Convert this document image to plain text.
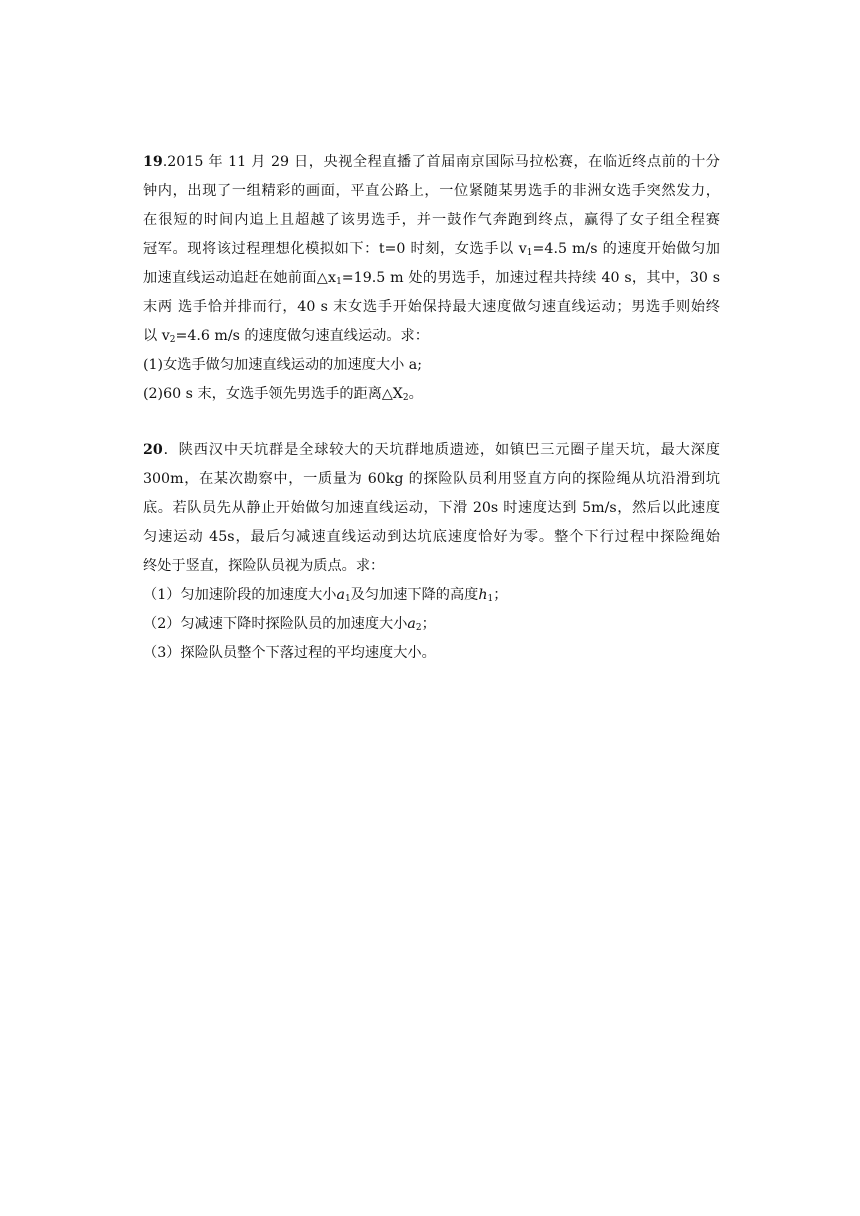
19.2015 年 11 月 29 日，央视全程直播了首届南京国际马拉松赛，在临近终点前的十分
钟内，出现了一组精彩的画面，平直公路上，一位紧随某男选手的非洲女选手突然发力，
在很短的时间内追上且超越了该男选手，并一鼓作气奔跑到终点，赢得了女子组全程赛
冠军。现将该过程理想化模拟如下：t=0 时刻，女选手以 $v_1=4.5$ m/s 的速度开始做匀加
加速直线运动追赶在她前面$\triangle x_1=19.5$ m 处的男选手，加速过程共持续 40 s，其中，30 s
末两 选手恰并排而行，40 s 末女选手开始保持最大速度做匀速直线运动；男选手则始终
以 $v_2=4.6$ m/s 的速度做匀速直线运动。求：
(1)女选手做匀加速直线运动的加速度大小 a;
(2)60 s 末，女选手领先男选手的距离$\triangle X_2$。
20．陕西汉中天坑群是全球较大的天坑群地质遗迹，如镇巴三元圈子崖天坑，最大深度
300m，在某次勘察中，一质量为 60kg 的探险队员利用竖直方向的探险绳从坑沿滑到坑
底。若队员先从静止开始做匀加速直线运动，下滑 20s 时速度达到 5m/s，然后以此速度
匀速运动 45s，最后匀减速直线运动到达坑底速度恰好为零。整个下行过程中探险绳始
终处于竖直，探险队员视为质点。求：
（1）匀加速阶段的加速度大小$a_1$及匀加速下降的高度$h_1$；
（2）匀减速下降时探险队员的加速度大小$a_2$；
（3）探险队员整个下落过程的平均速度大小。
